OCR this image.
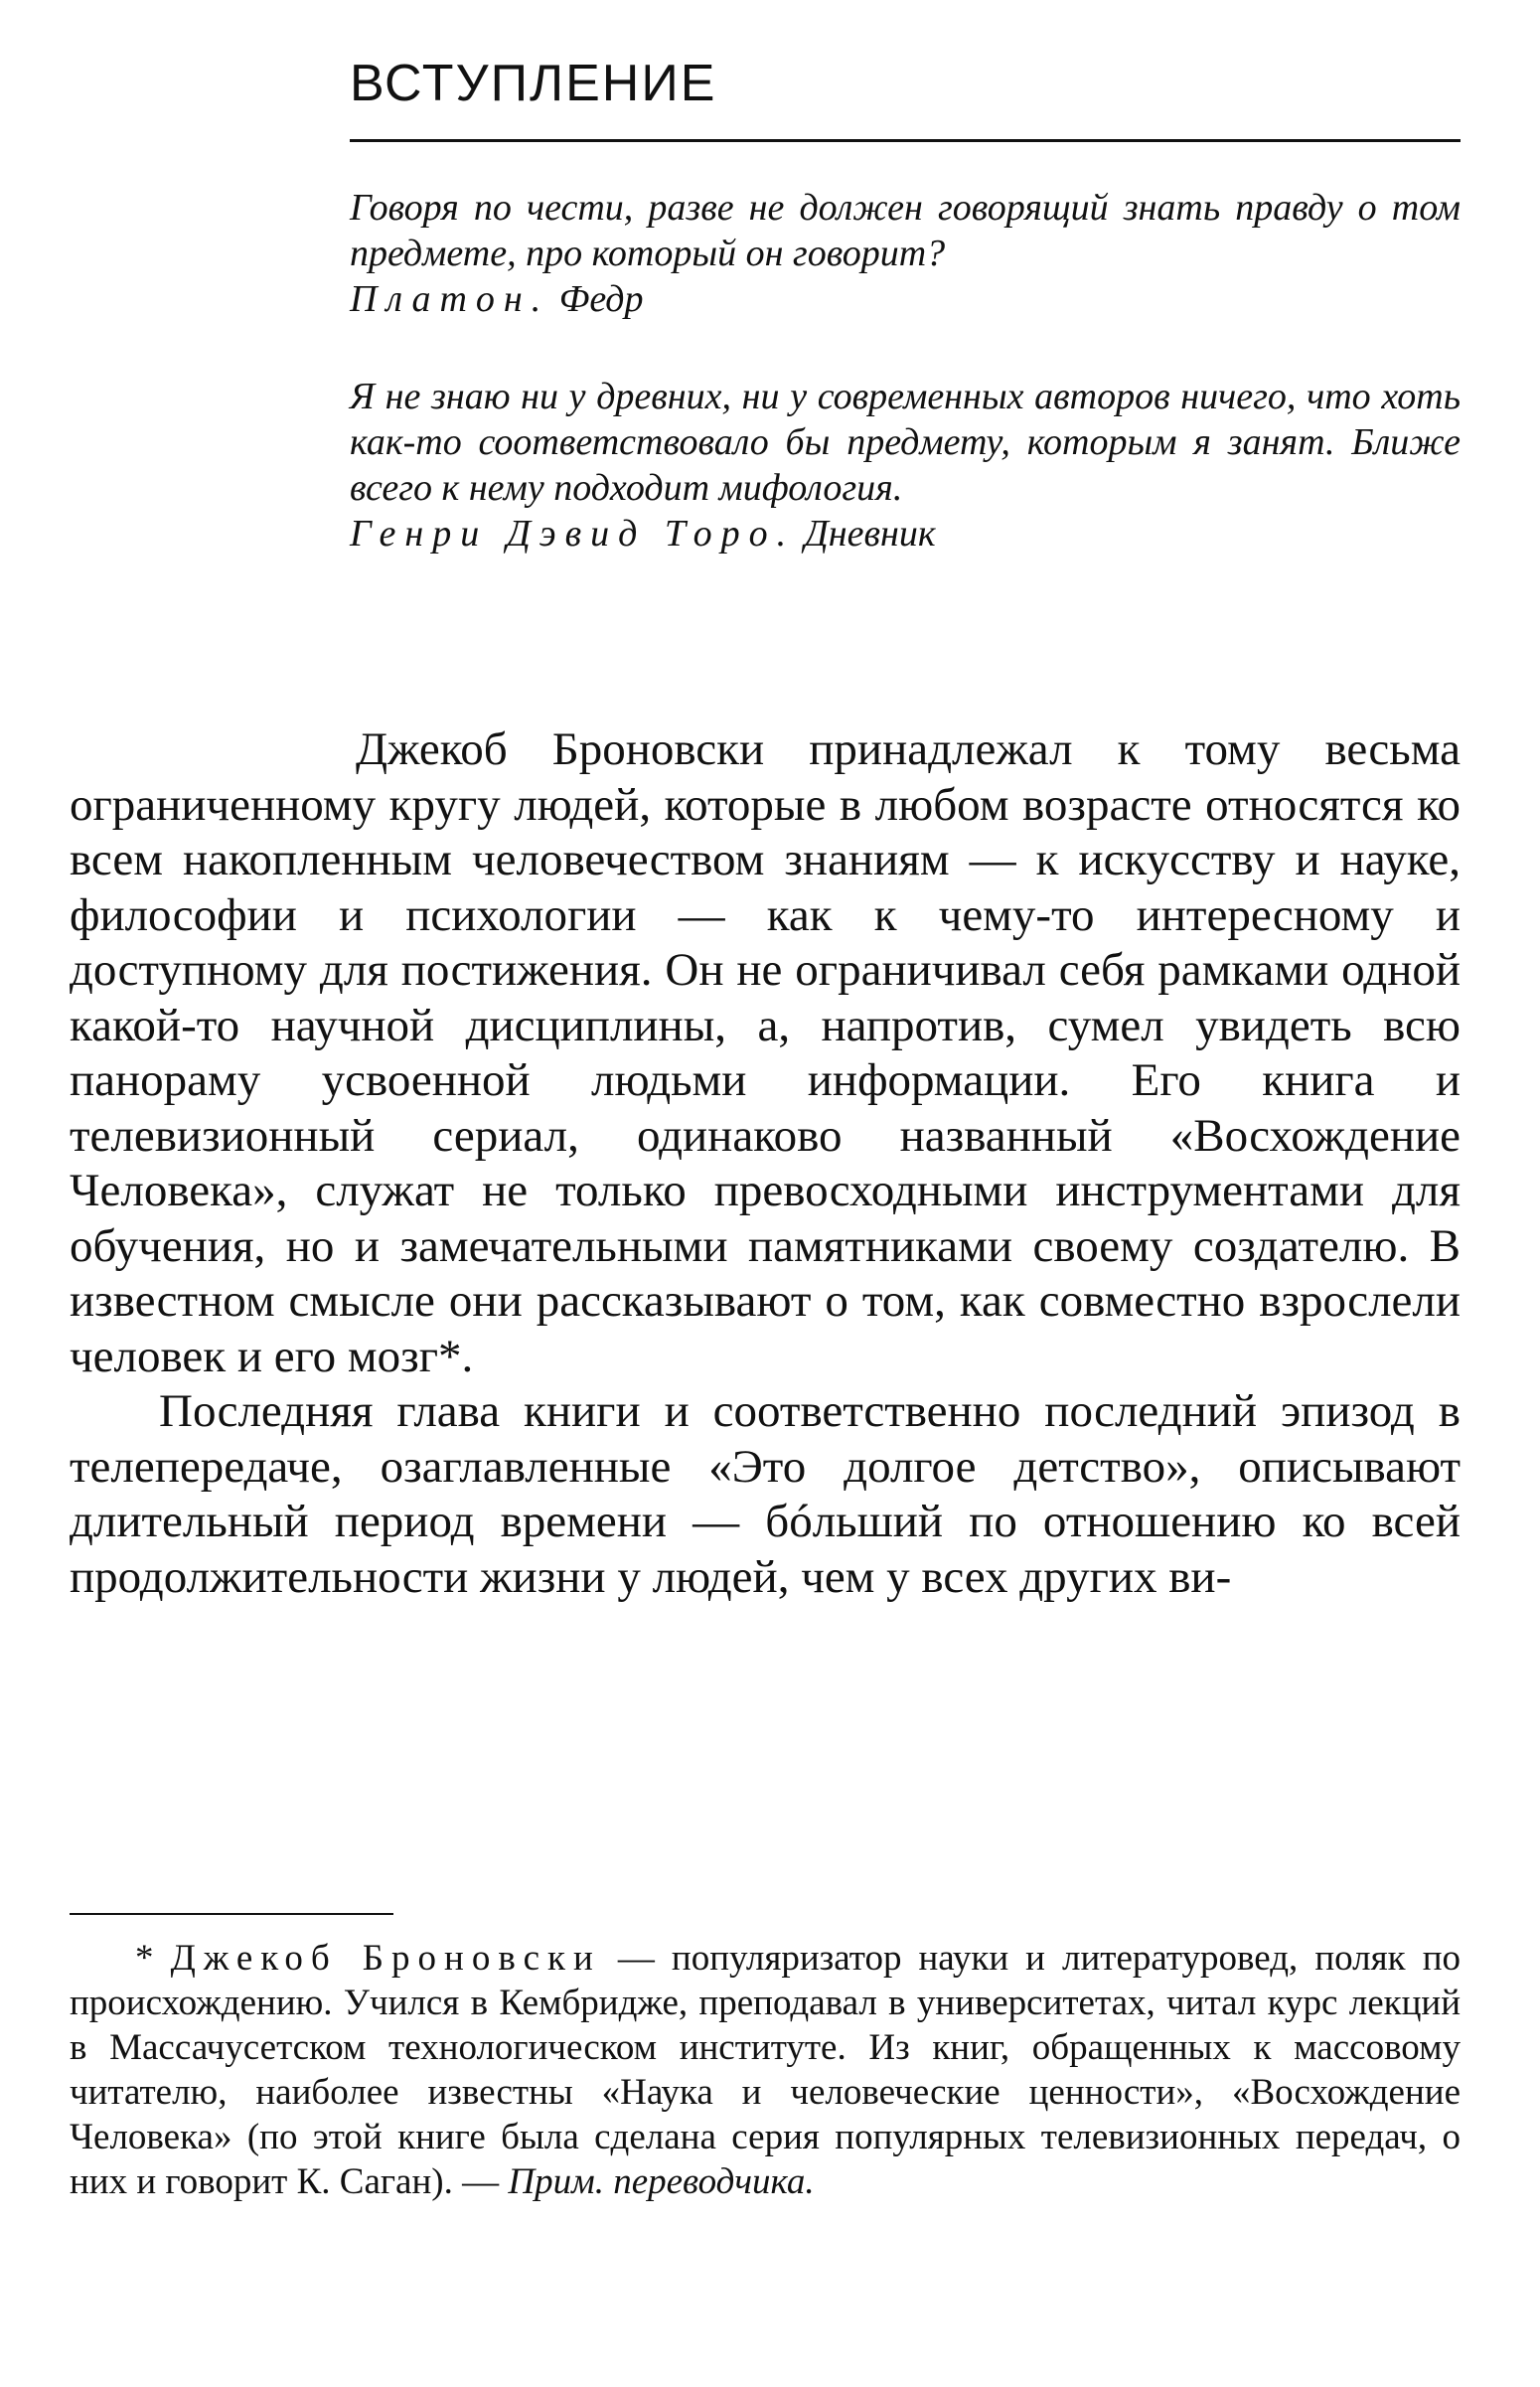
ВСТУПЛЕНИЕ

Говоря по чести, разве не должен говорящий знать правду о том предмете, про который он говорит?

Платон. Федр

Я не знаю ни у древних, ни у современных авторов ничего, что хоть как-то соответствовало бы предмету, которым я занят. Ближе всего к нему подходит мифология.

Генри Дэвид Торо. Дневник

Джекоб Броновски принадлежал к тому весьма ограниченному кругу людей, которые в любом возрасте относятся ко всем накопленным человечеством знаниям — к искусству и науке, философии и психологии — как к чему-то интересному и доступному для постижения. Он не ограничивал себя рамками одной какой-то научной дисциплины, а, напротив, сумел увидеть всю панораму усвоенной людьми информации. Его книга и телевизионный сериал, одинаково названный «Восхождение Человека», служат не только превосходными инструментами для обучения, но и замечательными памятниками своему создателю. В известном смысле они рассказывают о том, как совместно взрослели человек и его мозг*.

Последняя глава книги и соответственно последний эпизод в телепередаче, озаглавленные «Это долгое детство», описывают длительный период времени — бóльший по отношению ко всей продолжительности жизни у людей, чем у всех других ви-

* Джекоб Броновски — популяризатор науки и литературовед, поляк по происхождению. Учился в Кембридже, преподавал в университетах, читал курс лекций в Массачусетском технологическом институте. Из книг, обращенных к массовому читателю, наиболее известны «Наука и человеческие ценности», «Восхождение Человека» (по этой книге была сделана серия популярных телевизионных передач, о них и говорит К. Саган). — Прим. переводчика.
